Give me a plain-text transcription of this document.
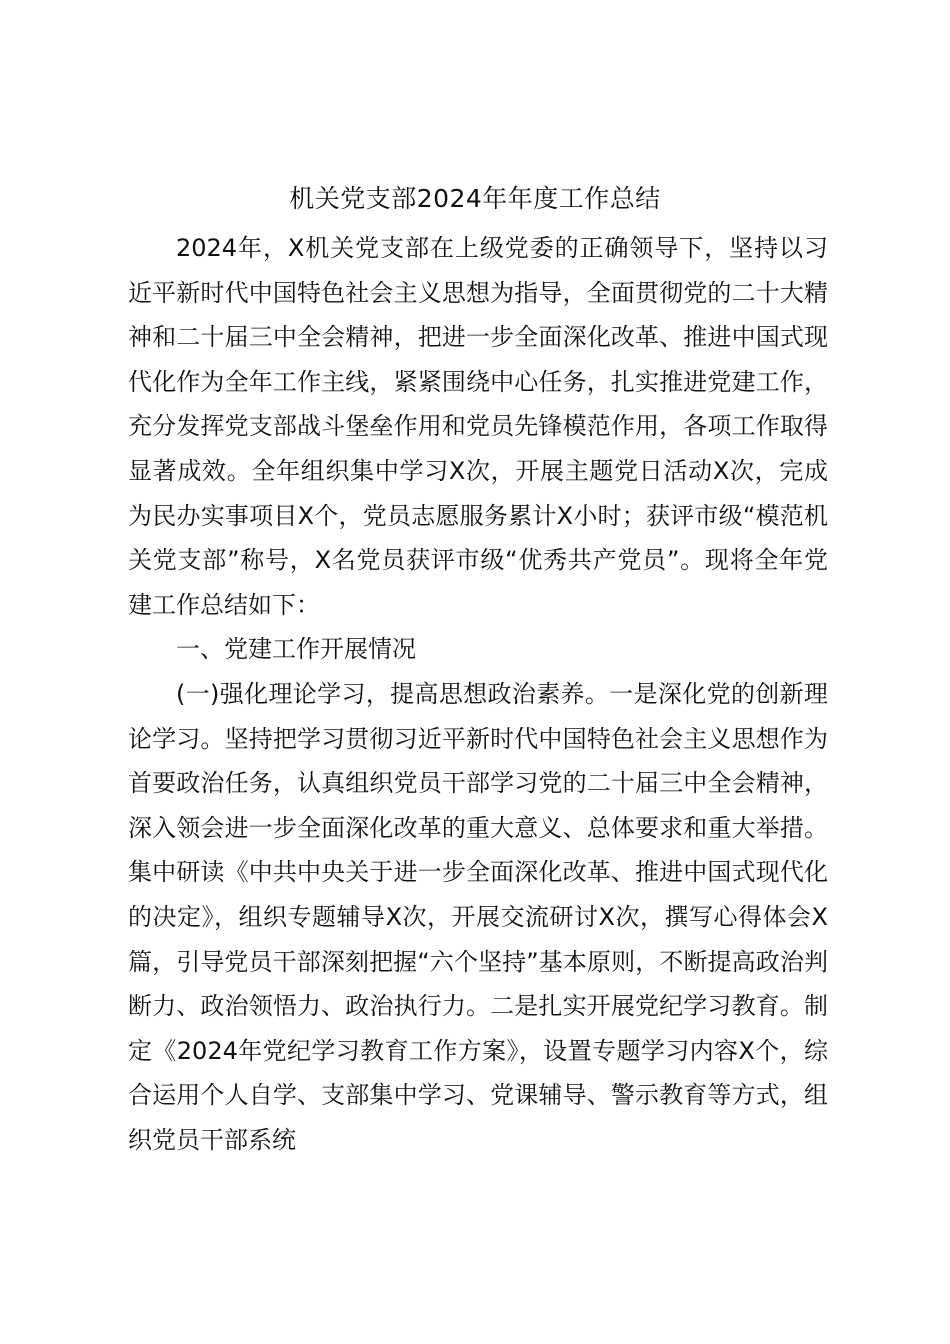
机关党支部2024年年度工作总结

2024年，X机关党支部在上级党委的正确领导下，坚持以习近平新时代中国特色社会主义思想为指导，全面贯彻党的二十大精神和二十届三中全会精神，把进一步全面深化改革、推进中国式现代化作为全年工作主线，紧紧围绕中心任务，扎实推进党建工作，充分发挥党支部战斗堡垒作用和党员先锋模范作用，各项工作取得显著成效。全年组织集中学习X次，开展主题党日活动X次，完成为民办实事项目X个，党员志愿服务累计X小时；获评市级“模范机关党支部”称号，X名党员获评市级“优秀共产党员”。现将全年党建工作总结如下：

一、党建工作开展情况

(一)强化理论学习，提高思想政治素养。一是深化党的创新理论学习。坚持把学习贯彻习近平新时代中国特色社会主义思想作为首要政治任务，认真组织党员干部学习党的二十届三中全会精神，深入领会进一步全面深化改革的重大意义、总体要求和重大举措。集中研读《中共中央关于进一步全面深化改革、推进中国式现代化的决定》，组织专题辅导X次，开展交流研讨X次，撰写心得体会X篇，引导党员干部深刻把握“六个坚持”基本原则，不断提高政治判断力、政治领悟力、政治执行力。二是扎实开展党纪学习教育。制定《2024年党纪学习教育工作方案》，设置专题学习内容X个，综合运用个人自学、支部集中学习、党课辅导、警示教育等方式，组织党员干部系统
